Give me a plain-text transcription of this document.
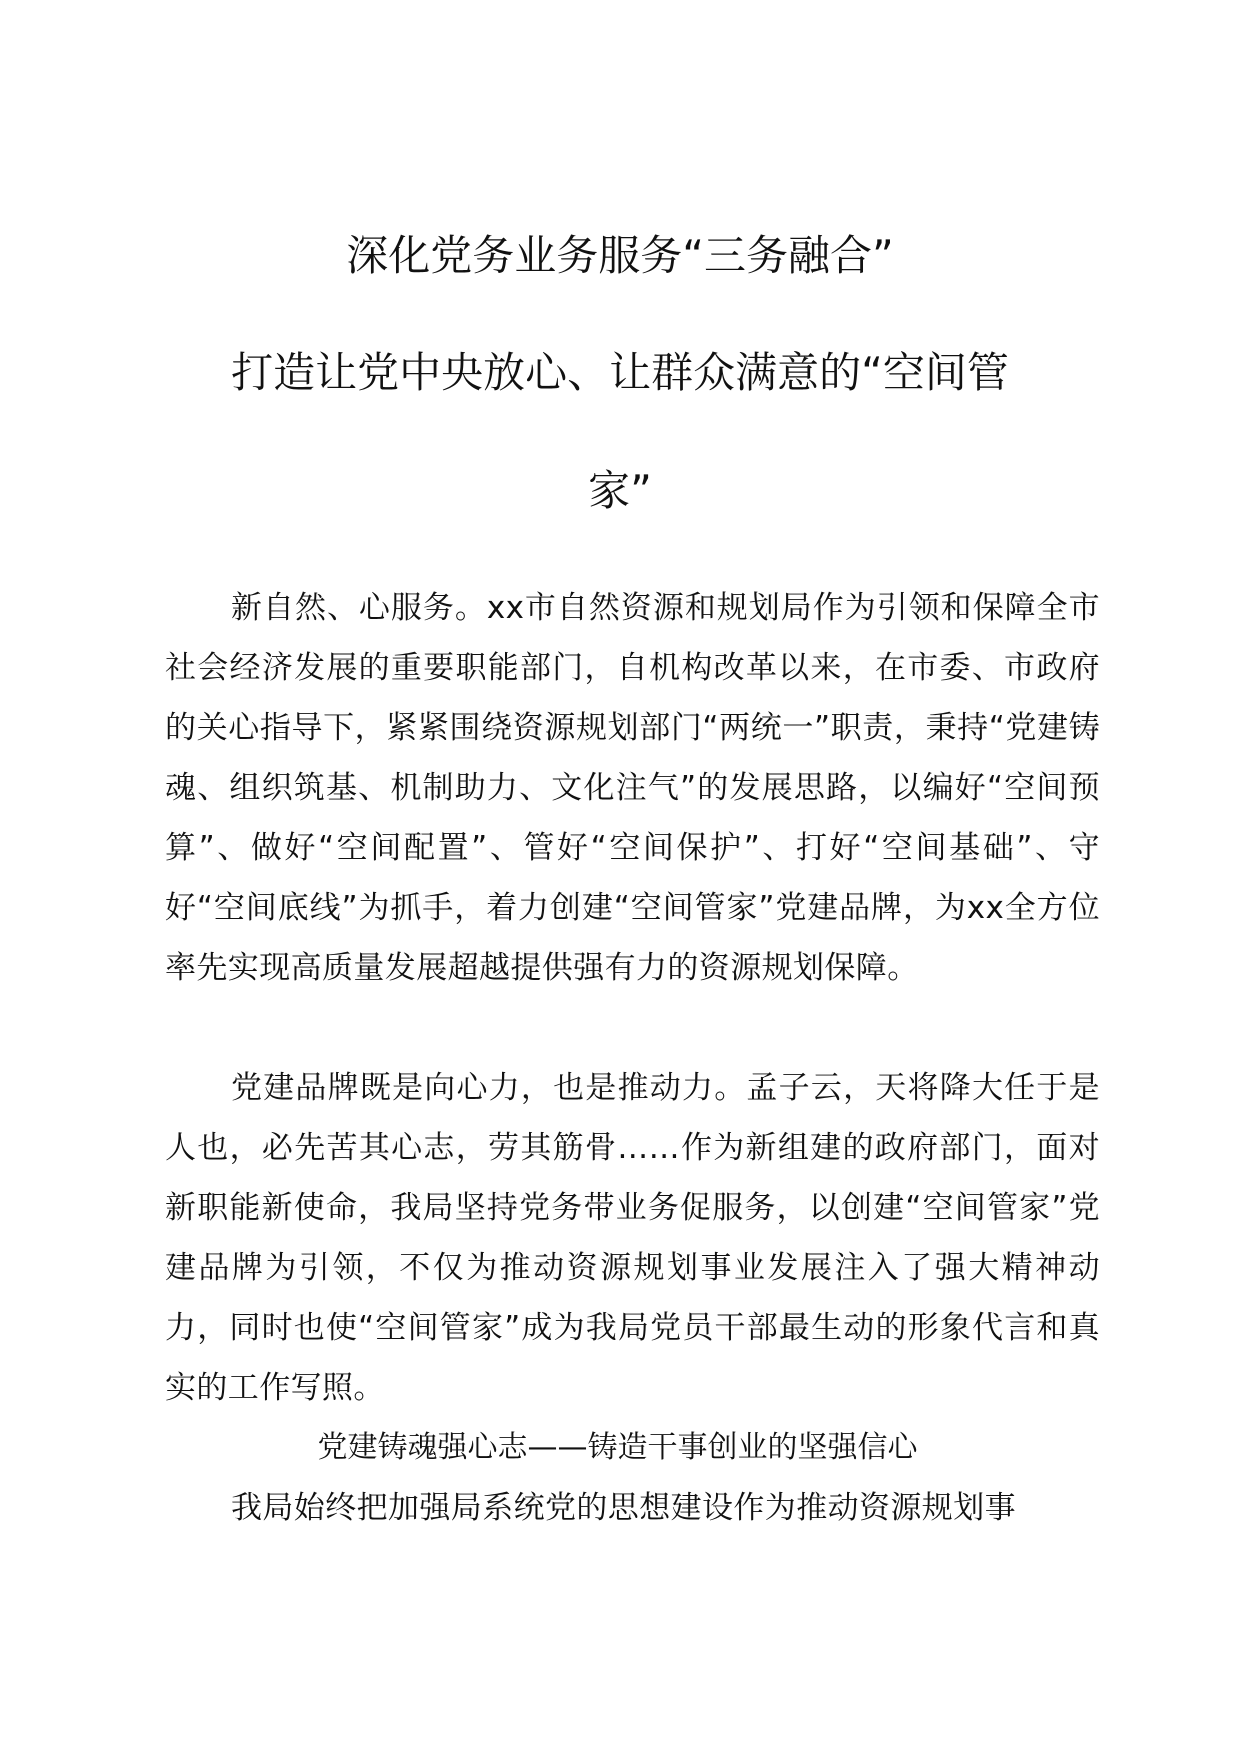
深化党务业务服务“三务融合”
打造让党中央放心、让群众满意的“空间管
家”

新自然、心服务。xx市自然资源和规划局作为引领和保障全市社会经济发展的重要职能部门，自机构改革以来，在市委、市政府的关心指导下，紧紧围绕资源规划部门“两统一”职责，秉持“党建铸魂、组织筑基、机制助力、文化注气”的发展思路，以编好“空间预算”、做好“空间配置”、管好“空间保护”、打好“空间基础”、守好“空间底线”为抓手，着力创建“空间管家”党建品牌，为xx全方位率先实现高质量发展超越提供强有力的资源规划保障。

党建品牌既是向心力，也是推动力。孟子云，天将降大任于是人也，必先苦其心志，劳其筋骨……作为新组建的政府部门，面对新职能新使命，我局坚持党务带业务促服务，以创建“空间管家”党建品牌为引领，不仅为推动资源规划事业发展注入了强大精神动力，同时也使“空间管家”成为我局党员干部最生动的形象代言和真实的工作写照。

党建铸魂强心志——铸造干事创业的坚强信心

我局始终把加强局系统党的思想建设作为推动资源规划事
